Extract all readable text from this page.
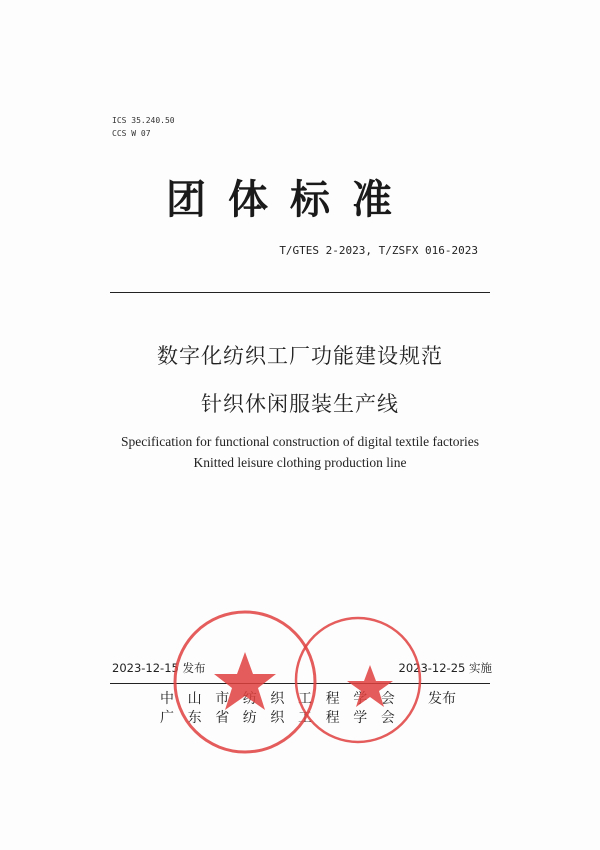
ICS 35.240.50
CCS W 07
团体标准
T/GTES 2-2023, T/ZSFX 016-2023
数字化纺织工厂功能建设规范
针织休闲服装生产线
Specification for functional construction of digital textile factories
Knitted leisure clothing production line
2023-12-15 发布	2023-12-25 实施
中山市纺织工程学会
广东省纺织工程学会
发布
